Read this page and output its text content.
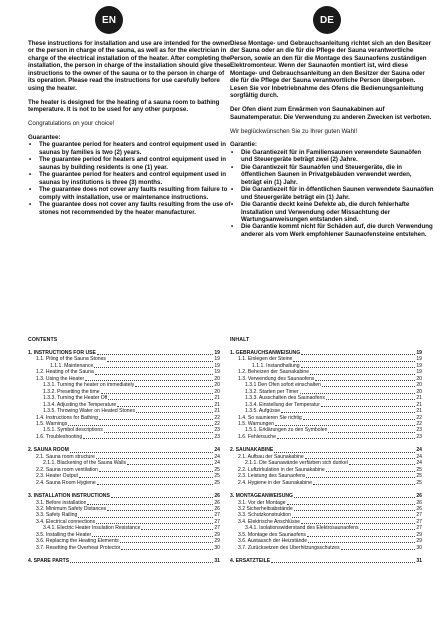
EN	DE

These instructions for installation and use are intended for the owner or the person in charge of the sauna, as well as for the electrician in charge of the electrical installation of the heater. After completing the installation, the person in charge of the installation should give these instructions to the owner of the sauna or to the person in charge of its operation. Please read the instructions for use carefully before using the heater.

The heater is designed for the heating of a sauna room to bathing temperature. It is not to be used for any other purpose.

Congratulations on your choice!

Guarantee:

• The guarantee period for heaters and control equipment used in saunas by families is two (2) years.
• The guarantee period for heaters and control equipment used in saunas by building residents is one (1) year.
• The guarantee period for heaters and control equipment used in saunas by institutions is three (3) months.
• The guarantee does not cover any faults resulting from failure to comply with installation, use or maintenance instructions.
• The guarantee does not cover any faults resulting from the use of stones not recommended by the heater manufacturer.

Diese Montage- und Gebrauchsanleitung richtet sich an den Besitzer der Sauna oder an die für die Pflege der Sauna verantwortliche Person, sowie an den für die Montage des Saunaofens zuständigen Elektromonteur. Wenn der Saunaofen montiert ist, wird diese Montage- und Gebrauchsanleitung an den Besitzer der Sauna oder die für die Pflege der Sauna verantwortliche Person übergeben. Lesen Sie vor Inbetriebnahme des Ofens die Bedienungsanleitung sorgfältig durch.

Der Ofen dient zum Erwärmen von Saunakabinen auf Saunatemperatur. Die Verwendung zu anderen Zwecken ist verboten.

Wir beglückwünschen Sie zu Ihrer guten Wahl!

Garantie:

• Die Garantiezeit für in Familiensaunen verwendete Saunaöfen und Steuergeräte beträgt zwei (2) Jahre.
• Die Garantiezeit für Saunaöfen und Steuergeräte, die in öffentlichen Saunen in Privatgebäuden verwendet werden, beträgt ein (1) Jahr.
• Die Garantiezeit für in öffentlichen Saunen verwendete Saunaöfen und Steuergeräte beträgt ein (1) Jahr.
• Die Garantie deckt keine Defekte ab, die durch fehlerhafte Installation und Verwendung oder Missachtung der Wartungsanweisungen entstanden sind.
• Die Garantie kommt nicht für Schäden auf, die durch Verwendung anderer als vom Werk empfohlener Saunaofensteine entstehen.
CONTENTS
1. INSTRUCTIONS FOR USE	19
1.1. Piling of the Sauna Stones	19
1.1.1. Maintenance	19
1.2. Heating of the Sauna	19
1.3. Using the Heater	20
1.3.1. Turning the heater on immediately	20
1.3.2. Presetting the time	20
1.3.3. Turning the Heater Off	21
1.3.4. Adjusting the Temperature	21
1.3.5. Throwing Water on Heated Stones	21
1.4. Instructions for Bathing	22
1.5. Warnings	22
1.5.1. Symbol descriptions	23
1.6. Troubleshooting	23
2. SAUNA ROOM	24
2.1. Sauna room structure	24
2.1.1. Blackening of the Sauna Walls	24
2.2. Sauna room ventilation	25
2.3. Heater Output	25
2.4. Sauna Room Hygiene	25
3. INSTALLATION INSTRUCTIONS	26
3.1. Before installation	26
3.2. Minimum Safety Distances	26
3.3. Safety Railing	27
3.4. Electrical connections	27
3.4.1. Electric Heater Insulation Resistance	27
3.5. Installing the Heater	29
3.6. Replacing the Heating Elements	29
3.7. Resetting the Overheat Protector	30
4. SPARE PARTS	31
INHALT
1. GEBRAUCHSANWEISUNG	19
1.1. Einlegen der Steine	19
1.1.1. Instandhaltung	19
1.2. Beheizen der Saunakabine	19
1.3. Verwendung des Saunaofens	20
1.3.1 Den Ofen sofort einschalten	20
1.3.2. Starten per Timer	20
1.3.3. Ausschalten des Saunaofens	21
1.3.4. Einstellung der Temperatur	21
1.3.5. Aufgüsse	21
1.4. So saunieren Sie richtig	22
1.5. Warnungen	22
1.5.1. Erklärungen zu den Symbolen	23
1.6. Fehlersuche	23
2. SAUNAKABINE	24
2.1. Aufbau der Saunakabine	24
2.1.1. Die Saunawände verfärben sich dunkel	24
2.2. Luftzirkulation in der Saunakabine	25
2.3. Leistung des Saunaofens	25
2.4. Hygiene in der Saunakabine	25
3. MONTAGEANWEISUNG	26
3.1. Vor der Montage	26
3.2 Sicherheitsabstände	26
3.3. Schutzkonstruktion	27
3.4. Elektrische Anschlüsse	27
3.4.1. Isolationswiderstand des Elektrosaunaofens	27
3.5. Montage des Saunaofens	29
3.6. Austausch der Heizstände	29
3.7. Zurücksetzen des Überhitzungsschutzes	30
4. ERSATZTEILE	31
